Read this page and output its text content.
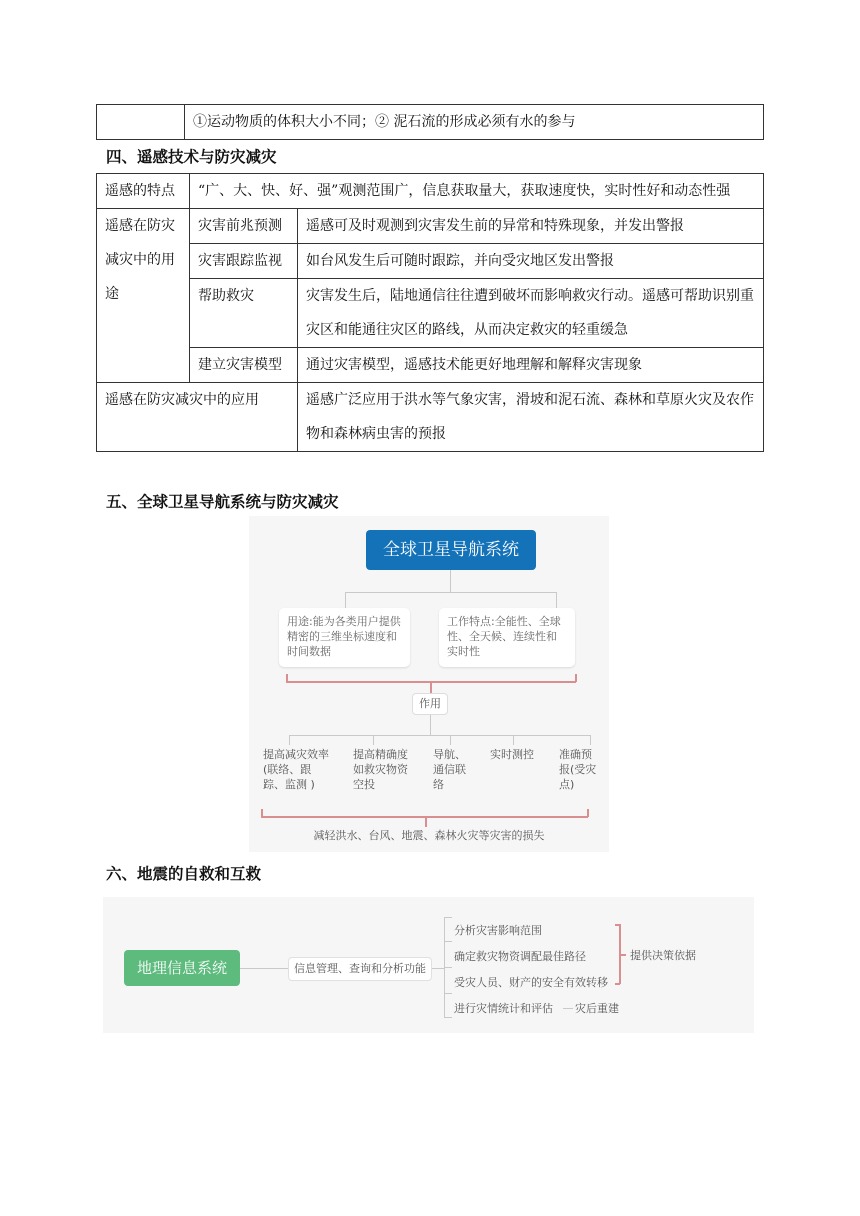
	①运动物质的体积大小不同；② 泥石流的形成必须有水的参与
四、遥感技术与防灾减灾
遥感的特点	“广、大、快、好、强”观测范围广，信息获取量大，获取速度快，实时性好和动态性强	
遥感在防灾减灾中的用途	灾害前兆预测	遥感可及时观测到灾害发生前的异常和特殊现象，并发出警报
	灾害跟踪监视	如台风发生后可随时跟踪，并向受灾地区发出警报
	帮助救灾	灾害发生后，陆地通信往往遭到破坏而影响救灾行动。遥感可帮助识别重灾区和能通往灾区的路线，从而决定救灾的轻重缓急
	建立灾害模型	通过灾害模型，遥感技术能更好地理解和解释灾害现象
遥感在防灾减灾中的应用		遥感广泛应用于洪水等气象灾害，滑坡和泥石流、森林和草原火灾及农作物和森林病虫害的预报
五、全球卫星导航系统与防灾减灾
全球卫星导航系统
用途:能为各类用户提供精密的三维坐标速度和时间数据
工作特点:全能性、全球性、全天候、连续性和实时性
作用
提高减灾效率(联络、跟踪、监测 )
提高精确度如救灾物资空投
导航、通信联络
实时测控	准确预报(受灾点)
减轻洪水、台风、地震、森林火灾等灾害的损失
六、地震的自救和互救
地理信息系统	信息管理、查询和分析功能
分析灾害影响范围
确定救灾物资调配最佳路径
受灾人员、财产的安全有效转移
提供决策依据
进行灾情统计和评估	灾后重建
